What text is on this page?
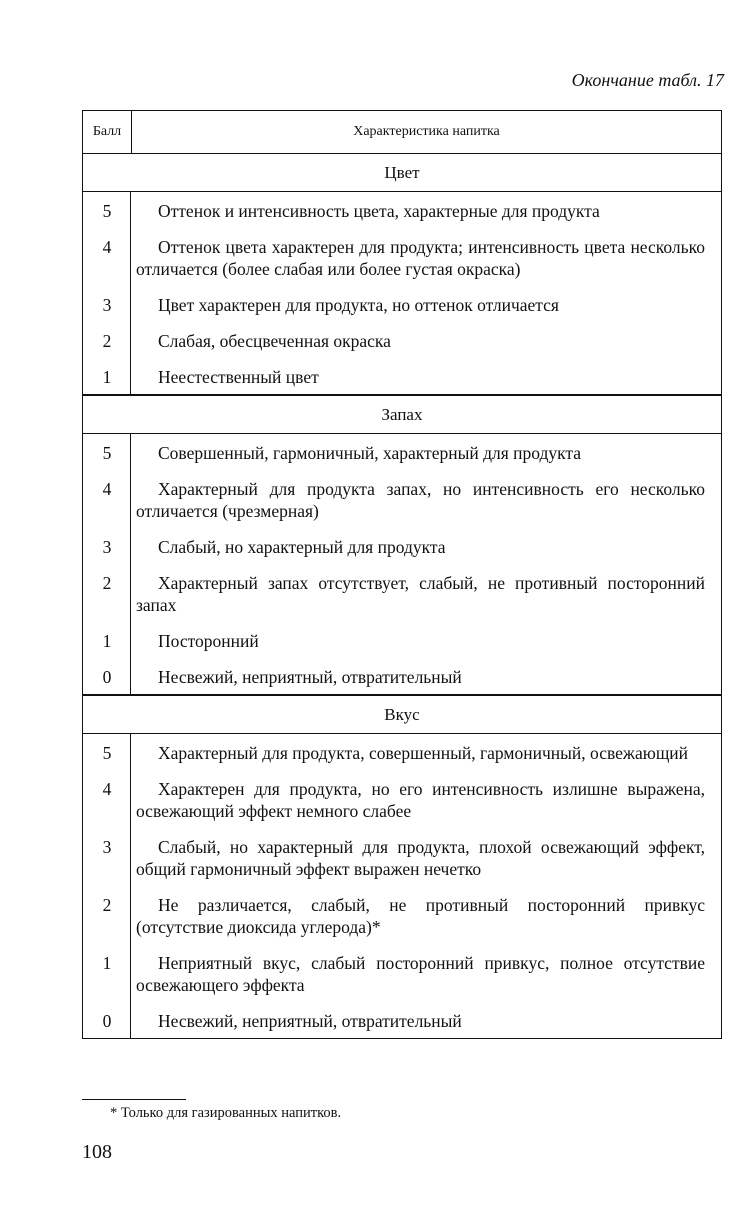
Окончание табл. 17
Балл	Характеристика напитка
Цвет
5	Оттенок и интенсивность цвета, характерные для продукта
4	Оттенок цвета характерен для продукта; интенсивность цвета несколько отличается (более слабая или более густая окраска)
3	Цвет характерен для продукта, но оттенок отличается
2	Слабая, обесцвеченная окраска
1	Неестественный цвет
Запах
5	Совершенный, гармоничный, характерный для продукта
4	Характерный для продукта запах, но интенсивность его несколько отличается (чрезмерная)
3	Слабый, но характерный для продукта
2	Характерный запах отсутствует, слабый, не противный посторонний запах
1	Посторонний
0	Несвежий, неприятный, отвратительный
Вкус
5	Характерный для продукта, совершенный, гармоничный, освежающий
4	Характерен для продукта, но его интенсивность излишне выражена, освежающий эффект немного слабее
3	Слабый, но характерный для продукта, плохой освежающий эффект, общий гармоничный эффект выражен нечетко
2	Не различается, слабый, не противный посторонний привкус (отсутствие диоксида углерода)*
1	Неприятный вкус, слабый посторонний привкус, полное отсутствие освежающего эффекта
0	Несвежий, неприятный, отвратительный
* Только для газированных напитков.
108
